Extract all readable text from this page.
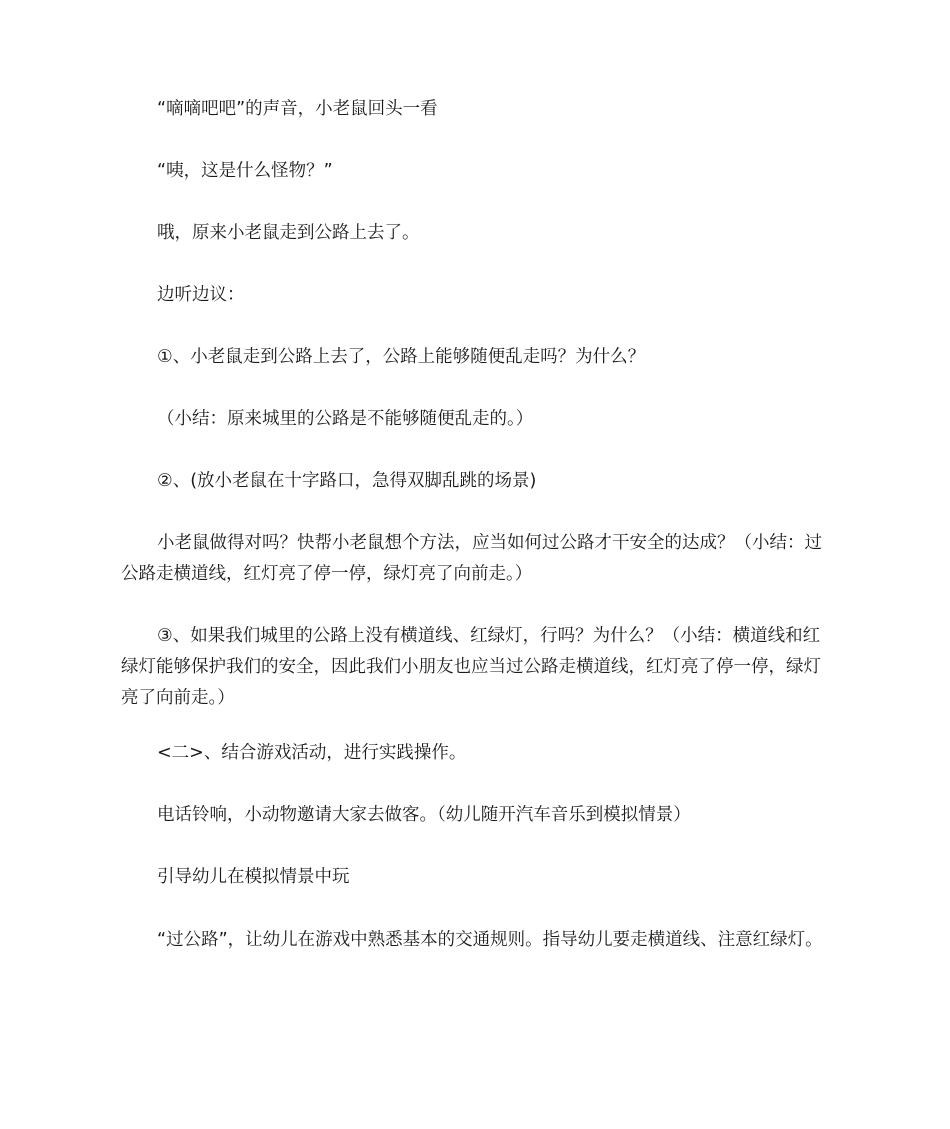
“嘀嘀吧吧”的声音，小老鼠回头一看

“咦，这是什么怪物？”

哦，原来小老鼠走到公路上去了。

边听边议：

①、小老鼠走到公路上去了，公路上能够随便乱走吗？为什么？

（小结：原来城里的公路是不能够随便乱走的。）

②、(放小老鼠在十字路口，急得双脚乱跳的场景)

小老鼠做得对吗？快帮小老鼠想个方法，应当如何过公路才干安全的达成？（小结：过公路走横道线，红灯亮了停一停，绿灯亮了向前走。）

③、如果我们城里的公路上没有横道线、红绿灯，行吗？为什么？（小结：横道线和红绿灯能够保护我们的安全，因此我们小朋友也应当过公路走横道线，红灯亮了停一停，绿灯亮了向前走。）

<二>、结合游戏活动，进行实践操作。

电话铃响，小动物邀请大家去做客。（幼儿随开汽车音乐到模拟情景）

引导幼儿在模拟情景中玩

“过公路”，让幼儿在游戏中熟悉基本的交通规则。指导幼儿要走横道线、注意红绿灯。
